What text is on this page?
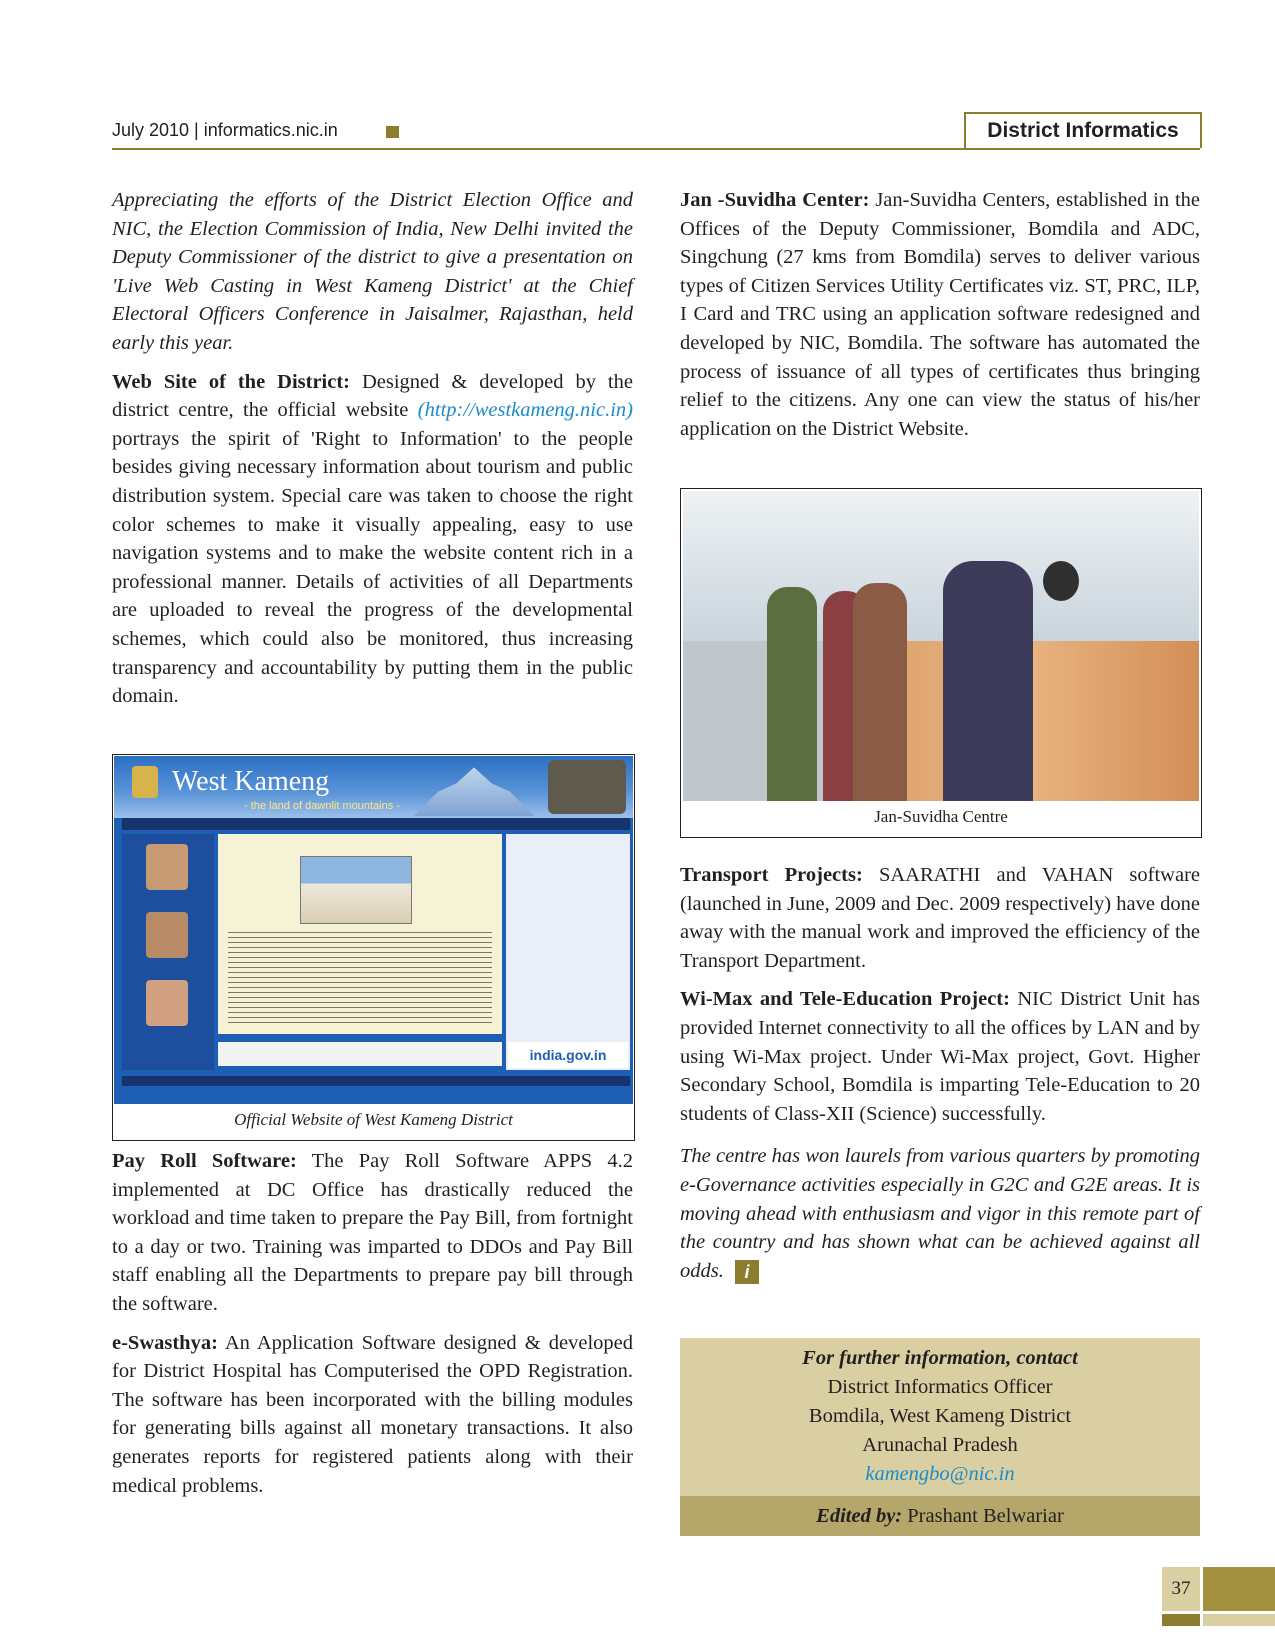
July 2010 | informatics.nic.in	District Informatics

Appreciating the efforts of the District Election Office and NIC, the Election Commission of India, New Delhi invited the Deputy Commissioner of the district to give a presentation on 'Live Web Casting in West Kameng District' at the Chief Electoral Officers Conference in Jaisalmer, Rajasthan, held early this year.

Web Site of the District: Designed & developed by the district centre, the official website (http://westkameng.nic.in) portrays the spirit of 'Right to Information' to the people besides giving necessary information about tourism and public distribution system. Special care was taken to choose the right color schemes to make it visually appealing, easy to use navigation systems and to make the website content rich in a professional manner. Details of activities of all Departments are uploaded to reveal the progress of the developmental schemes, which could also be monitored, thus increasing transparency and accountability by putting them in the public domain.

West Kameng
- the land of dawnlit mountains -
india.gov.in
Official Website of West Kameng District

Pay Roll Software: The Pay Roll Software APPS 4.2 implemented at DC Office has drastically reduced the workload and time taken to prepare the Pay Bill, from fortnight to a day or two. Training was imparted to DDOs and Pay Bill staff enabling all the Departments to prepare pay bill through the software.

e-Swasthya: An Application Software designed & developed for District Hospital has Computerised the OPD Registration. The software has been incorporated with the billing modules for generating bills against all monetary transactions. It also generates reports for registered patients along with their medical problems.

Jan -Suvidha Center: Jan-Suvidha Centers, established in the Offices of the Deputy Commissioner, Bomdila and ADC, Singchung (27 kms from Bomdila) serves to deliver various types of Citizen Services Utility Certificates viz. ST, PRC, ILP, I Card and TRC using an application software redesigned and developed by NIC, Bomdila. The software has automated the process of issuance of all types of certificates thus bringing relief to the citizens. Any one can view the status of his/her application on the District Website.

Jan-Suvidha Centre

Transport Projects: SAARATHI and VAHAN software (launched in June, 2009 and Dec. 2009 respectively) have done away with the manual work and improved the efficiency of the Transport Department.

Wi-Max and Tele-Education Project: NIC District Unit has provided Internet connectivity to all the offices by LAN and by using Wi-Max project. Under Wi-Max project, Govt. Higher Secondary School, Bomdila is imparting Tele-Education to 20 students of Class-XII (Science) successfully.

The centre has won laurels from various quarters by promoting e-Governance activities especially in G2C and G2E areas. It is moving ahead with enthusiasm and vigor in this remote part of the country and has shown what can be achieved against all odds. i

For further information, contact
District Informatics Officer
Bomdila, West Kameng District
Arunachal Pradesh
kamengbo@nic.in
Edited by: Prashant Belwariar
37
